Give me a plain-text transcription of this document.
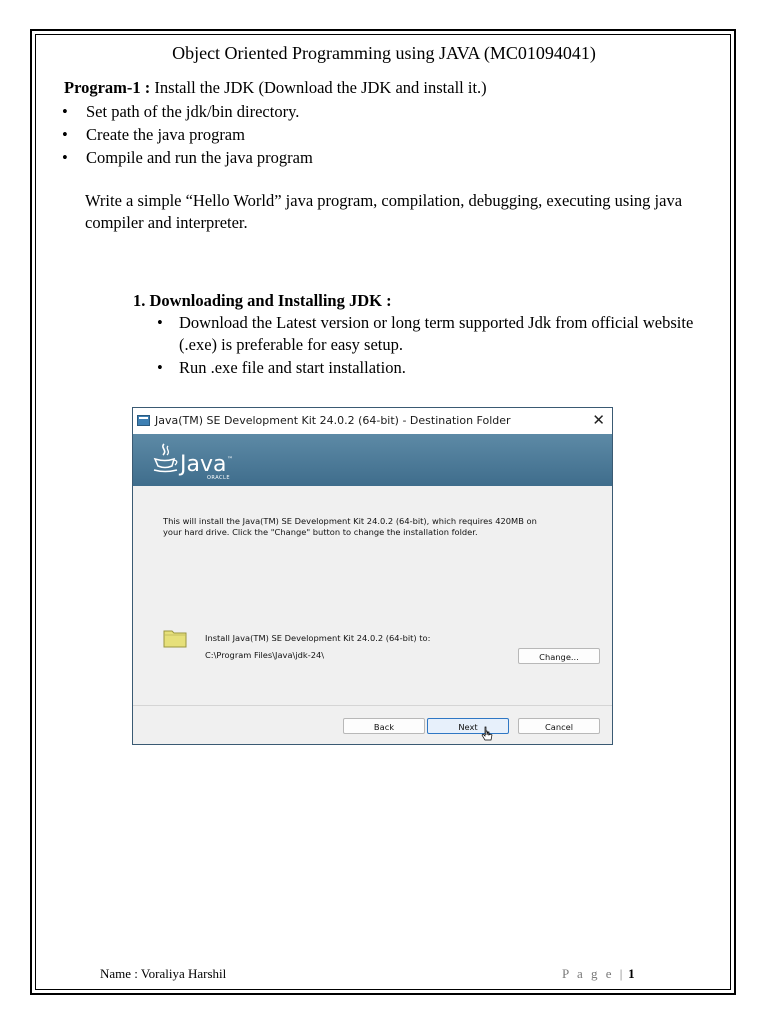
Object Oriented Programming using JAVA (MC01094041)
Program-1 : Install the JDK (Download the JDK and install it.)
• Set path of the jdk/bin directory.
• Create the java program
• Compile and run the java program
Write a simple “Hello World” java program, compilation, debugging, executing using java compiler and interpreter.
1. Downloading and Installing JDK :
• Download the Latest version or long term supported Jdk from official website (.exe) is preferable for easy setup.
• Run .exe file and start installation.
Java(TM) SE Development Kit 24.0.2 (64-bit) - Destination Folder	✕
Java ™
ORACLE
This will install the Java(TM) SE Development Kit 24.0.2 (64-bit), which requires 420MB on your hard drive. Click the "Change" button to change the installation folder.
Install Java(TM) SE Development Kit 24.0.2 (64-bit) to:
C:\Program Files\Java\jdk-24\	Change...
Back	Next	Cancel
Name : Voraliya Harshil	P a g e | 1
